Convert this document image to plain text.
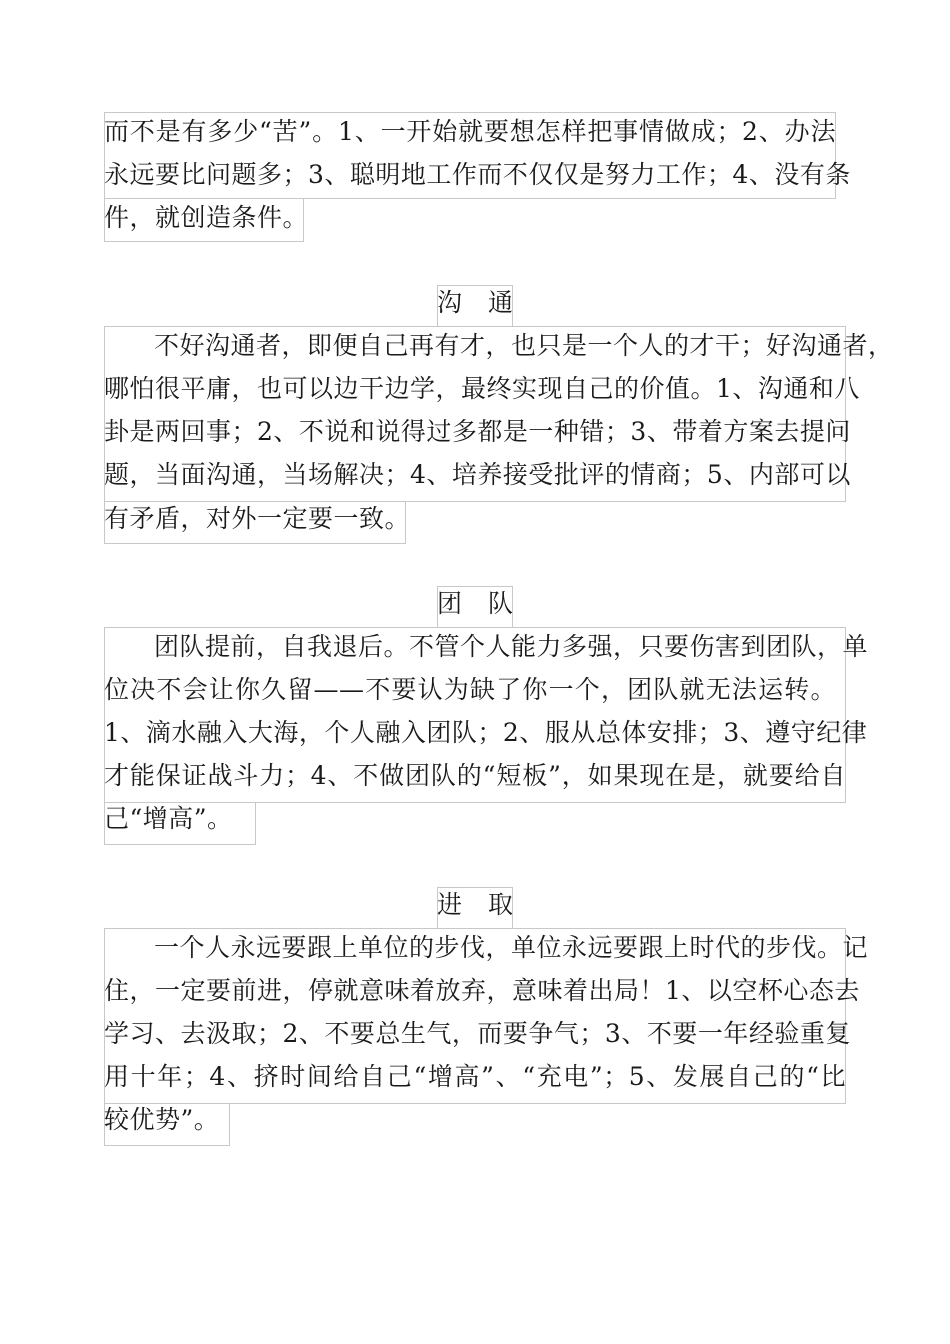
而不是有多少“苦”。1、一开始就要想怎样把事情做成；2、办法
永远要比问题多；3、聪明地工作而不仅仅是努力工作；4、没有条
件，就创造条件。
沟 通
不好沟通者，即便自己再有才，也只是一个人的才干；好沟通者，
哪怕很平庸，也可以边干边学，最终实现自己的价值。1、沟通和八
卦是两回事；2、不说和说得过多都是一种错；3、带着方案去提问
题，当面沟通，当场解决；4、培养接受批评的情商；5、内部可以
有矛盾，对外一定要一致。
团 队
团队提前，自我退后。不管个人能力多强，只要伤害到团队，单
位决不会让你久留——不要认为缺了你一个，团队就无法运转。
1、滴水融入大海，个人融入团队；2、服从总体安排；3、遵守纪律
才能保证战斗力；4、不做团队的“短板”，如果现在是，就要给自
己“增高”。
进 取
一个人永远要跟上单位的步伐，单位永远要跟上时代的步伐。记
住，一定要前进，停就意味着放弃，意味着出局！1、以空杯心态去
学习、去汲取；2、不要总生气，而要争气；3、不要一年经验重复
用十年；4、挤时间给自己“增高”、“充电”；5、发展自己的“比
较优势”。
